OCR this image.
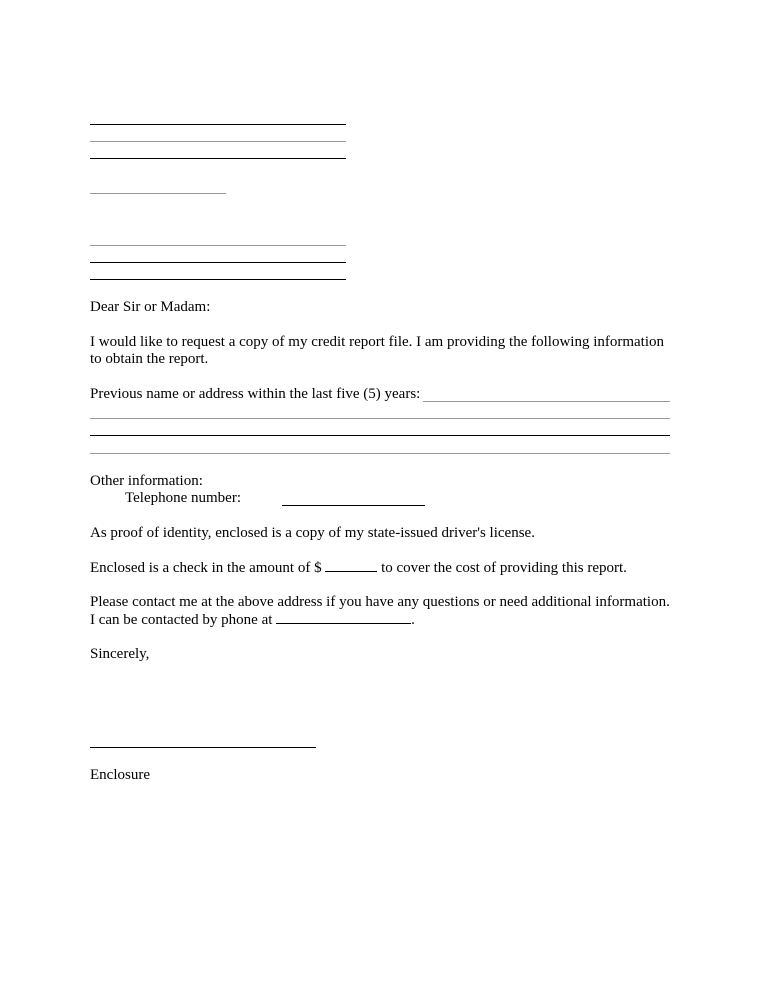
Dear Sir or Madam:
I would like to request a copy of my credit report file. I am providing the following information
to obtain the report.
Previous name or address within the last five (5) years:
Other information:
Telephone number:
As proof of identity, enclosed is a copy of my state-issued driver's license.
Enclosed is a check in the amount of $	to cover the cost of providing this report.
Please contact me at the above address if you have any questions or need additional information.
I can be contacted by phone at	.
Sincerely,
Enclosure
